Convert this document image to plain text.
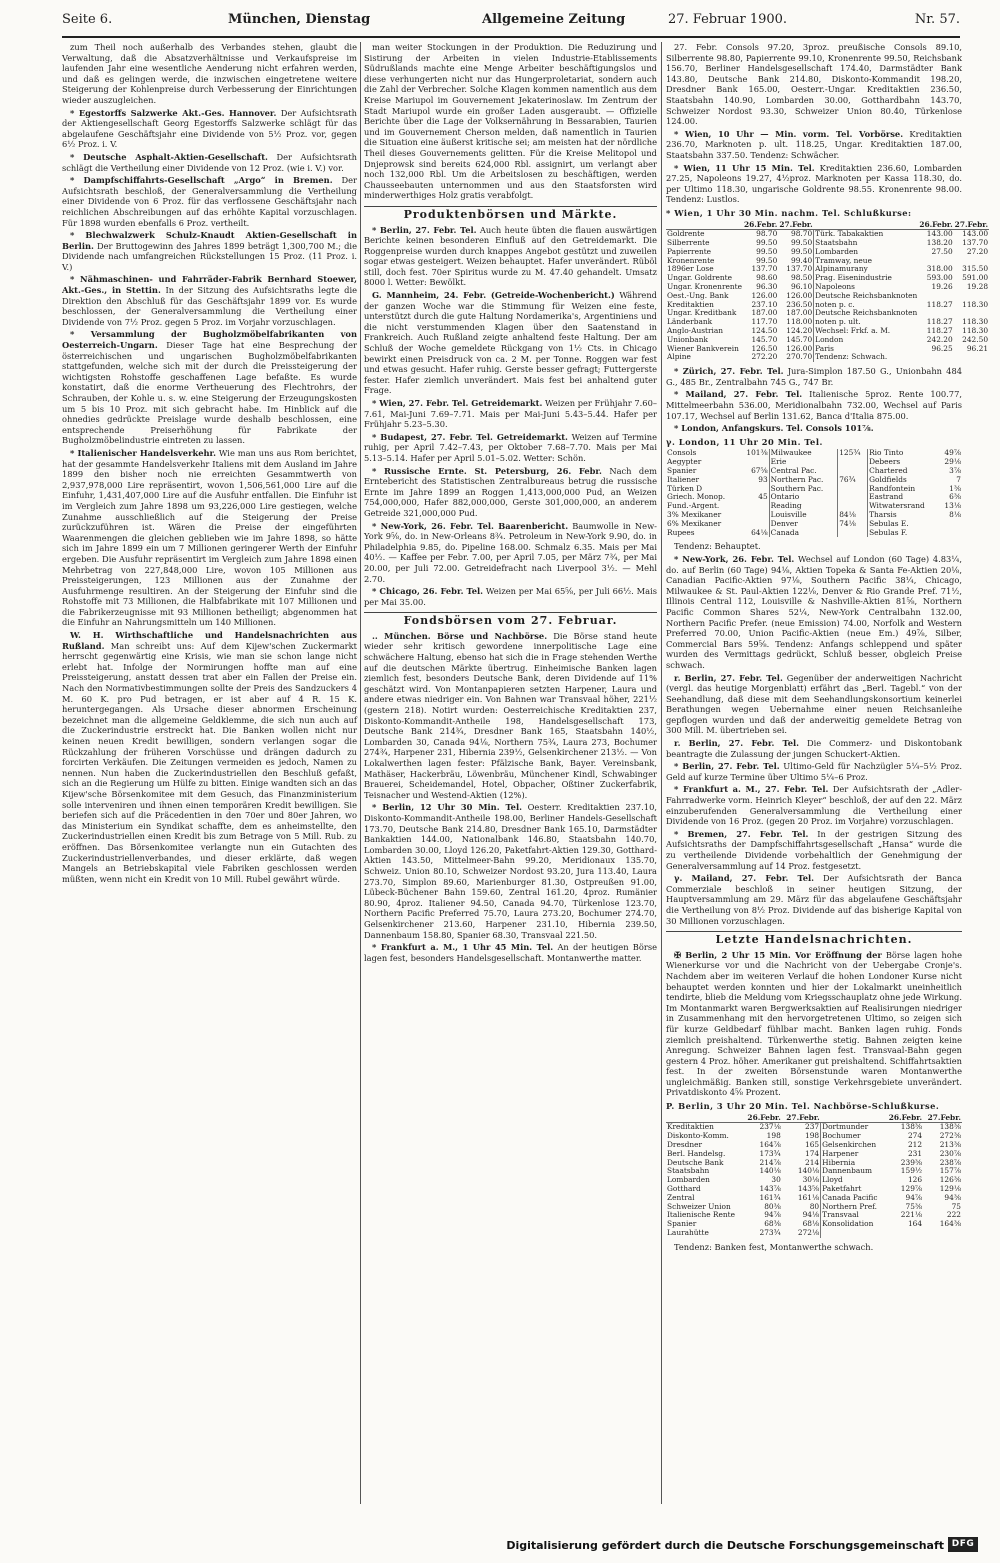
Seite 6.	München, Dienstag	Allgemeine Zeitung	27. Februar 1900.	Nr. 57.

zum Theil noch außerhalb des Verbandes stehen, glaubt die Verwaltung, daß die Absatzverhältnisse und Verkaufspreise im laufenden Jahr eine wesentliche Aenderung nicht erfahren werden, und daß es gelingen werde, die inzwischen eingetretene weitere Steigerung der Kohlenpreise durch Verbesserung der Einrichtungen wieder auszugleichen.

* Egestorffs Salzwerke Akt.-Ges. Hannover. Der Aufsichtsrath der Aktiengesellschaft Georg Egestorffs Salzwerke schlägt für das abgelaufene Geschäftsjahr eine Dividende von 5½ Proz. vor, gegen 6½ Proz. i. V.

* Deutsche Asphalt-Aktien-Gesellschaft. Der Aufsichtsrath schlägt die Vertheilung einer Dividende von 12 Proz. (wie i. V.) vor.

* Dampfschiffahrts-Gesellschaft „Argo“ in Bremen. Der Aufsichtsrath beschloß, der Generalversammlung die Vertheilung einer Dividende von 6 Proz. für das verflossene Geschäftsjahr nach reichlichen Abschreibungen auf das erhöhte Kapital vorzuschlagen. Für 1898 wurden ebenfalls 6 Proz. vertheilt.

* Blechwalzwerk Schulz-Knaudt Aktien-Gesellschaft in Berlin. Der Bruttogewinn des Jahres 1899 beträgt 1,300,700 M.; die Dividende nach umfangreichen Rückstellungen 15 Proz. (11 Proz. i. V.)

* Nähmaschinen- und Fahrräder-Fabrik Bernhard Stoewer, Akt.-Ges., in Stettin. In der Sitzung des Aufsichtsraths legte die Direktion den Abschluß für das Geschäftsjahr 1899 vor. Es wurde beschlossen, der Generalversammlung die Vertheilung einer Dividende von 7½ Proz. gegen 5 Proz. im Vorjahr vorzuschlagen.

* Versammlung der Bugholzmöbelfabrikanten von Oesterreich-Ungarn. Dieser Tage hat eine Besprechung der österreichischen und ungarischen Bugholzmöbelfabrikanten stattgefunden, welche sich mit der durch die Preissteigerung der wichtigsten Rohstoffe geschaffenen Lage befaßte. Es wurde konstatirt, daß die enorme Vertheuerung des Flechtrohrs, der Schrauben, der Kohle u. s. w. eine Steigerung der Erzeugungskosten um 5 bis 10 Proz. mit sich gebracht habe. Im Hinblick auf die ohnedies gedrückte Preislage wurde deshalb beschlossen, eine entsprechende Preiserhöhung für Fabrikate der Bugholzmöbelindustrie eintreten zu lassen.

* Italienischer Handelsverkehr. Wie man uns aus Rom berichtet, hat der gesammte Handelsverkehr Italiens mit dem Ausland im Jahre 1899 den bisher noch nie erreichten Gesammtwerth von 2,937,978,000 Lire repräsentirt, wovon 1,506,561,000 Lire auf die Einfuhr, 1,431,407,000 Lire auf die Ausfuhr entfallen. Die Einfuhr ist im Vergleich zum Jahre 1898 um 93,226,000 Lire gestiegen, welche Zunahme ausschließlich auf die Steigerung der Preise zurückzuführen ist. Wären die Preise der eingeführten Waarenmengen die gleichen geblieben wie im Jahre 1898, so hätte sich im Jahre 1899 ein um 7 Millionen geringerer Werth der Einfuhr ergeben. Die Ausfuhr repräsentirt im Vergleich zum Jahre 1898 einen Mehrbetrag von 227,848,000 Lire, wovon 105 Millionen aus Preissteigerungen, 123 Millionen aus der Zunahme der Ausfuhrmenge resultiren. An der Steigerung der Einfuhr sind die Rohstoffe mit 73 Millionen, die Halbfabrikate mit 107 Millionen und die Fabrikerzeugnisse mit 93 Millionen betheiligt; abgenommen hat die Einfuhr an Nahrungsmitteln um 140 Millionen.

W. H. Wirthschaftliche und Handelsnachrichten aus Rußland. Man schreibt uns: Auf dem Kijew'schen Zuckermarkt herrscht gegenwärtig eine Krisis, wie man sie schon lange nicht erlebt hat. Infolge der Normirungen hoffte man auf eine Preissteigerung, anstatt dessen trat aber ein Fallen der Preise ein. Nach den Normativbestimmungen sollte der Preis des Sandzuckers 4 M. 60 K. pro Pud betragen, er ist aber auf 4 R. 15 K. heruntergegangen. Als Ursache dieser abnormen Erscheinung bezeichnet man die allgemeine Geldklemme, die sich nun auch auf die Zuckerindustrie erstreckt hat. Die Banken wollen nicht nur keinen neuen Kredit bewilligen, sondern verlangen sogar die Rückzahlung der früheren Vorschüsse und drängen dadurch zu forcirten Verkäufen. Die Zeitungen vermeiden es jedoch, Namen zu nennen. Nun haben die Zuckerindustriellen den Beschluß gefaßt, sich an die Regierung um Hülfe zu bitten. Einige wandten sich an das Kijew'sche Börsenkomitee mit dem Gesuch, das Finanzministerium solle interveniren und ihnen einen temporären Kredit bewilligen. Sie beriefen sich auf die Präcedentien in den 70er und 80er Jahren, wo das Ministerium ein Syndikat schaffte, dem es anheimstellte, den Zuckerindustriellen einen Kredit bis zum Betrage von 5 Mill. Rub. zu eröffnen. Das Börsenkomitee verlangte nun ein Gutachten des Zuckerindustriellenverbandes, und dieser erklärte, daß wegen Mangels an Betriebskapital viele Fabriken geschlossen werden müßten, wenn nicht ein Kredit von 10 Mill. Rubel gewährt würde.

man weiter Stockungen in der Produktion. Die Reduzirung und Sistirung der Arbeiten in vielen Industrie-Etablissements Südrußlands machte eine Menge Arbeiter beschäftigungslos und diese verhungerten nicht nur das Hungerproletariat, sondern auch die Zahl der Verbrecher. Solche Klagen kommen namentlich aus dem Kreise Mariupol im Gouvernement Jekaterinoslaw. Im Zentrum der Stadt Mariupol wurde ein großer Laden ausgeraubt. — Offizielle Berichte über die Lage der Volksernährung in Bessarabien, Taurien und im Gouvernement Cherson melden, daß namentlich in Taurien die Situation eine äußerst kritische sei; am meisten hat der nördliche Theil dieses Gouvernements gelitten. Für die Kreise Melitopol und Dnjeprowsk sind bereits 624,000 Rbl. assignirt, um verlangt aber noch 132,000 Rbl. Um die Arbeitslosen zu beschäftigen, werden Chausseebauten unternommen und aus den Staatsforsten wird minderwerthiges Holz gratis verabfolgt.

Produktenbörsen und Märkte.

* Berlin, 27. Febr. Tel. Auch heute übten die flauen auswärtigen Berichte keinen besonderen Einfluß auf den Getreidemarkt. Die Roggenpreise wurden durch knappes Angebot gestützt und zuweilen sogar etwas gesteigert. Weizen behauptet. Hafer unverändert. Rüböl still, doch fest. 70er Spiritus wurde zu M. 47.40 gehandelt. Umsatz 8000 l. Wetter: Bewölkt.

G. Mannheim, 24. Febr. (Getreide-Wochenbericht.) Während der ganzen Woche war die Stimmung für Weizen eine feste, unterstützt durch die gute Haltung Nordamerika's, Argentiniens und die nicht verstummenden Klagen über den Saatenstand in Frankreich. Auch Rußland zeigte anhaltend feste Haltung. Der am Schluß der Woche gemeldete Rückgang von 1½ Cts. in Chicago bewirkt einen Preisdruck von ca. 2 M. per Tonne. Roggen war fest und etwas gesucht. Hafer ruhig. Gerste besser gefragt; Futtergerste fester. Hafer ziemlich unverändert. Mais fest bei anhaltend guter Frage.

* Wien, 27. Febr. Tel. Getreidemarkt. Weizen per Frühjahr 7.60–7.61, Mai-Juni 7.69–7.71. Mais per Mai-Juni 5.43–5.44. Hafer per Frühjahr 5.23–5.30.

* Budapest, 27. Febr. Tel. Getreidemarkt. Weizen auf Termine ruhig, per April 7.42–7.43, per Oktober 7.68–7.70. Mais per Mai 5.13–5.14. Hafer per April 5.01–5.02. Wetter: Schön.

* Russische Ernte. St. Petersburg, 26. Febr. Nach dem Erntebericht des Statistischen Zentralbureaus betrug die russische Ernte im Jahre 1899 an Roggen 1,413,000,000 Pud, an Weizen 754,000,000, Hafer 882,000,000, Gerste 301,000,000, an anderem Getreide 321,000,000 Pud.

* New-York, 26. Febr. Tel. Baarenbericht. Baumwolle in New-York 9⅝, do. in New-Orleans 8¾. Petroleum in New-York 9.90, do. in Philadelphia 9.85, do. Pipeline 168.00. Schmalz 6.35. Mais per Mai 40½. — Kaffee per Febr. 7.00, per April 7.05, per März 7¾, per Mai 20.00, per Juli 72.00. Getreidefracht nach Liverpool 3½. — Mehl 2.70.

* Chicago, 26. Febr. Tel. Weizen per Mai 65⅝, per Juli 66½. Mais per Mai 35.00.

Fondsbörsen vom 27. Februar.

.. München. Börse und Nachbörse. Die Börse stand heute wieder sehr kritisch gewordene innerpolitische Lage eine schwächere Haltung, ebenso hat sich die in Frage stehenden Werthe auf die deutschen Märkte übertrug. Einheimische Banken lagen ziemlich fest, besonders Deutsche Bank, deren Dividende auf 11% geschätzt wird. Von Montanpapieren setzten Harpener, Laura und andere etwas niedriger ein. Von Bahnen war Transvaal höher, 221½ (gestern 218). Notirt wurden: Oesterreichische Kreditaktien 237, Diskonto-Kommandit-Antheile 198, Handelsgesellschaft 173, Deutsche Bank 214¾, Dresdner Bank 165, Staatsbahn 140½, Lombarden 30, Canada 94⅛, Northern 75¾, Laura 273, Bochumer 274¾, Harpener 231, Hibernia 239½, Gelsenkirchener 213½. — Von Lokalwerthen lagen fester: Pfälzische Bank, Bayer. Vereinsbank, Mathäser, Hackerbräu, Löwenbräu, Münchener Kindl, Schwabinger Brauerei, Scheidemandel, Hotel, Obpacher, Oßtiner Zuckerfabrik, Teisnacher und Westend-Aktien (12%).

* Berlin, 12 Uhr 30 Min. Tel. Oesterr. Kreditaktien 237.10, Diskonto-Kommandit-Antheile 198.00, Berliner Handels-Gesellschaft 173.70, Deutsche Bank 214.80, Dresdner Bank 165.10, Darmstädter Bankaktien 144.00, Nationalbank 146.80, Staatsbahn 140.70, Lombarden 30.00, Lloyd 126.20, Paketfahrt-Aktien 129.30, Gotthard-Aktien 143.50, Mittelmeer-Bahn 99.20, Meridionaux 135.70, Schweiz. Union 80.10, Schweizer Nordost 93.20, Jura 113.40, Laura 273.70, Simplon 89.60, Marienburger 81.30, Ostpreußen 91.00, Lübeck-Büchener Bahn 159.60, Zentral 161.20, 4proz. Rumänier 80.90, 4proz. Italiener 94.50, Canada 94.70, Türkenlose 123.70, Northern Pacific Preferred 75.70, Laura 273.20, Bochumer 274.70, Gelsenkirchener 213.60, Harpener 231.10, Hibernia 239.50, Dannenbaum 158.80, Spanier 68.30, Transvaal 221.50.

* Frankfurt a. M., 1 Uhr 45 Min. Tel. An der heutigen Börse lagen fest, besonders Handelsgesellschaft. Montanwerthe matter.

27. Febr. Consols 97.20, 3proz. preußische Consols 89.10, Silberrente 98.80, Papierrente 99.10, Kronenrente 99.50, Reichsbank 156.70, Berliner Handelsgesellschaft 174.40, Darmstädter Bank 143.80, Deutsche Bank 214.80, Diskonto-Kommandit 198.20, Dresdner Bank 165.00, Oesterr.-Ungar. Kreditaktien 236.50, Staatsbahn 140.90, Lombarden 30.00, Gotthardbahn 143.70, Schweizer Nordost 93.30, Schweizer Union 80.40, Türkenlose 124.00.

* Wien, 10 Uhr — Min. vorm. Tel. Vorbörse. Kreditaktien 236.70, Marknoten p. ult. 118.25, Ungar. Kreditaktien 187.00, Staatsbahn 337.50. Tendenz: Schwächer.

* Wien, 11 Uhr 15 Min. Tel. Kreditaktien 236.60, Lombarden 27.25, Napoleons 19.27, 4½proz. Marknoten per Kassa 118.30, do. per Ultimo 118.30, ungarische Goldrente 98.55. Kronenrente 98.00. Tendenz: Lustlos.

* Wien, 1 Uhr 30 Min. nachm. Tel. Schlußkurse:

	26.Febr.	27.Febr.		26.Febr.	27.Febr.
Goldrente	98.70	98.70	Türk. Tabakaktien	143.00	143.00
Silberrente	99.50	99.50	Staatsbahn	138.20	137.70
Papierrente	99.50	99.50	Lombarden	27.50	27.20
Kronenrente	99.50	99.40	Tramway, neue		
1896er Lose	137.70	137.70	Alpinamurany	318.00	315.50
Ungar. Goldrente	98.60	98.50	Prag. Eisenindustrie	593.00	591.00
Ungar. Kronenrente	96.30	96.10	Napoleons	19.26	19.28
Oest.-Ung. Bank	126.00	126.00	Deutsche Reichsbanknoten		
Kreditaktien	237.10	236.50	noten p. c.	118.27	118.30
Ungar. Kreditbank	187.00	187.00	Deutsche Reichsbanknoten		
Länderbank	117.70	118.00	noten p. ult.	118.27	118.30
Anglo-Austrian	124.50	124.20	Wechsel: Frkf. a. M.	118.27	118.30
Unionbank	145.70	145.70	London	242.20	242.50
Wiener Bankverein	126.50	126.00	Paris	96.25	96.21
Alpine	272.20	270.70	Tendenz: Schwach.		

* Zürich, 27. Febr. Tel. Jura-Simplon 187.50 G., Unionbahn 484 G., 485 Br., Zentralbahn 745 G., 747 Br.

* Mailand, 27. Febr. Tel. Italienische 5proz. Rente 100.77, Mittelmeerbahn 536.00, Meridionalbahn 732.00, Wechsel auf Paris 107.17, Wechsel auf Berlin 131.62, Banca d'Italia 875.00.

* London, Anfangskurs. Tel. Consols 101⅞.

γ. London, 11 Uhr 20 Min. Tel.

Consols	101⅜	Milwaukee	125¾	Rio Tinto	49⅞
Aegypter		Erie		Debeers	29⅛
Spanier	67⅝	Central Pac.		Chartered	3⅞
Italiener	93	Northern Pac.	76¾	Goldfields	7
Türken D		Southern Pac.		Randfontein	1⅜
Griech. Monop.	45	Ontario		Eastrand	6⅜
Fund.-Argent.		Reading		Witwatersrand	13⅛
3% Mexikaner		Louisville	84⅛	Tharsis	8⅛
6% Mexikaner		Denver	74⅛	Sebulas E.	
Rupees	64⅛	Canada		Sebulas F.	

Tendenz: Behauptet.

* New-York, 26. Febr. Tel. Wechsel auf London (60 Tage) 4.83¼, do. auf Berlin (60 Tage) 94⅛, Aktien Topeka & Santa Fe-Aktien 20⅛, Canadian Pacific-Aktien 97⅛, Southern Pacific 38¼, Chicago, Milwaukee & St. Paul-Aktien 122⅛, Denver & Rio Grande Pref. 71½, Illinois Central 112, Louisville & Nashville-Aktien 81⅝, Northern Pacific Common Shares 52¼, New-York Centralbahn 132.00, Northern Pacific Prefer. (neue Emission) 74.00, Norfolk and Western Preferred 70.00, Union Pacific-Aktien (neue Em.) 49⅞, Silber, Commercial Bars 59⅝. Tendenz: Anfangs schleppend und später wurden des Vermittags gedrückt, Schluß besser, obgleich Preise schwach.

r. Berlin, 27. Febr. Tel. Gegenüber der anderweitigen Nachricht (vergl. das heutige Morgenblatt) erfährt das „Berl. Tagebl.“ von der Seehandlung, daß diese mit dem Seehandlungskonsortium keinerlei Berathungen wegen Uebernahme einer neuen Reichsanleihe gepflogen wurden und daß der anderweitig gemeldete Betrag von 300 Mill. M. übertrieben sei.

r. Berlin, 27. Febr. Tel. Die Commerz- und Diskontobank beantragte die Zulassung der jungen Schuckert-Aktien.

* Berlin, 27. Febr. Tel. Ultimo-Geld für Nachzügler 5¼–5½ Proz. Geld auf kurze Termine über Ultimo 5¼–6 Proz.

* Frankfurt a. M., 27. Febr. Tel. Der Aufsichtsrath der „Adler-Fahrradwerke vorm. Heinrich Kleyer“ beschloß, der auf den 22. März einzuberufenden Generalversammlung die Vertheilung einer Dividende von 16 Proz. (gegen 20 Proz. im Vorjahre) vorzuschlagen.

* Bremen, 27. Febr. Tel. In der gestrigen Sitzung des Aufsichtsraths der Dampfschiffahrtsgesellschaft „Hansa“ wurde die zu vertheilende Dividende vorbehaltlich der Genehmigung der Generalversammlung auf 14 Proz. festgesetzt.

γ. Mailand, 27. Febr. Tel. Der Aufsichtsrath der Banca Commerziale beschloß in seiner heutigen Sitzung, der Hauptversammlung am 29. März für das abgelaufene Geschäftsjahr die Vertheilung von 8½ Proz. Dividende auf das bisherige Kapital von 30 Millionen vorzuschlagen.

Letzte Handelsnachrichten.

✠ Berlin, 2 Uhr 15 Min. Vor Eröffnung der Börse lagen hohe Wienerkurse vor und die Nachricht von der Uebergabe Cronje's. Nachdem aber im weiteren Verlauf die hohen Londoner Kurse nicht behauptet werden konnten und hier der Lokalmarkt uneinheitlich tendirte, blieb die Meldung vom Kriegsschauplatz ohne jede Wirkung. Im Montanmarkt waren Bergwerksaktien auf Realisirungen niedriger in Zusammenhang mit den hervorgetretenen Ultimo, so zeigen sich für kurze Geldbedarf fühlbar macht. Banken lagen ruhig. Fonds ziemlich preishaltend. Türkenwerthe stetig. Bahnen zeigten keine Anregung. Schweizer Bahnen lagen fest. Transvaal-Bahn gegen gestern 4 Proz. höher. Amerikaner gut preishaltend. Schiffahrtsaktien fest. In der zweiten Börsenstunde waren Montanwerthe ungleichmäßig. Banken still, sonstige Verkehrsgebiete unverändert. Privatdiskonto 4⅝ Prozent.

P. Berlin, 3 Uhr 20 Min. Tel. Nachbörse-Schlußkurse.

	26.Febr.	27.Febr.		26.Febr.	27.Febr.
Kreditaktien	237⅛	237	Dortmunder	138⅜	138⅜
Diskonto-Komm.	198	198	Bochumer	274	272⅜
Dresdner	164⅞	165	Gelsenkirchen	212	213⅜
Berl. Handelsg.	173¾	174	Harpener	231	230⅞
Deutsche Bank	214⅞	214	Hibernia	239⅜	238⅞
Staatsbahn	140⅛	140⅛	Dannenbaum	159½	157⅞
Lombarden	30	30⅛	Lloyd	126	126⅜
Gotthard	143⅞	143⅝	Paketfahrt	129⅞	129⅛
Zentral	161¾	161⅛	Canada Pacific	94⅞	94⅜
Schweizer Union	80⅜	80	Northern Pref.	75⅜	75
Italienische Rente	94⅞	94⅛	Transvaal	221⅛	222
Spanier	68⅜	68⅛	Konsolidation	164	164⅜
Laurahütte	273¾	272⅛			

Tendenz: Banken fest, Montanwerthe schwach.

Digitalisierung gefördert durch die Deutsche Forschungsgemeinschaft DFG
